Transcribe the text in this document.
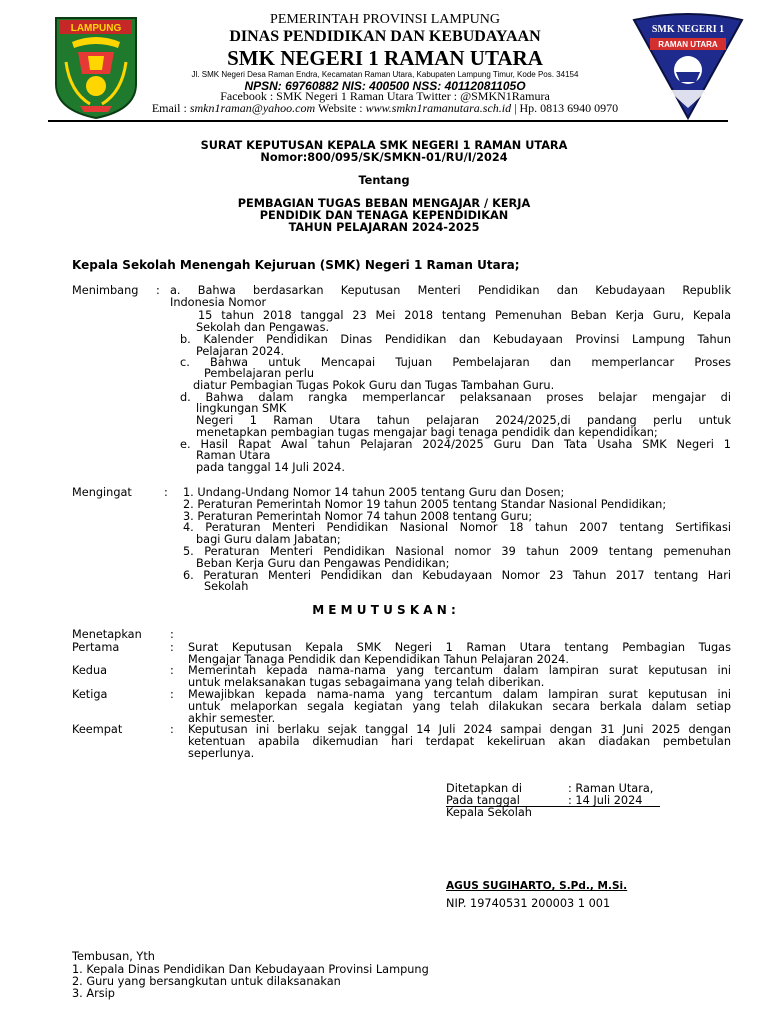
LAMPUNG	SMK NEGERI 1
RAMAN UTARA
PEMERINTAH PROVINSI LAMPUNG
DINAS PENDIDIKAN DAN KEBUDAYAAN
SMK NEGERI 1 RAMAN UTARA
Jl. SMK Negeri Desa Raman Endra, Kecamatan Raman Utara, Kabupaten Lampung Timur, Kode Pos. 34154
NPSN: 69760882 NIS: 400500 NSS: 40112081105O
Facebook : SMK Negeri 1 Raman Utara Twitter : @SMKN1Ramura
Email : smkn1raman@yahoo.com Website : www.smkn1ramanutara.sch.id | Hp. 0813 6940 0970
SURAT KEPUTUSAN KEPALA SMK NEGERI 1 RAMAN UTARA
Nomor:800/095/SK/SMKN-01/RU/I/2024
Tentang
PEMBAGIAN TUGAS BEBAN MENGAJAR / KERJA
PENDIDIK DAN TENAGA KEPENDIDIKAN
TAHUN PELAJARAN 2024-2025
Kepala Sekolah Menengah Kejuruan (SMK) Negeri 1 Raman Utara;
Menimbang : a. Bahwa berdasarkan Keputusan Menteri Pendidikan dan Kebudayaan Republik
Indonesia Nomor
15 tahun 2018 tanggal 23 Mei 2018 tentang Pemenuhan Beban Kerja Guru, Kepala
Sekolah dan Pengawas.
b. Kalender Pendidikan Dinas Pendidikan dan Kebudayaan Provinsi Lampung Tahun
Pelajaran 2024.
c. Bahwa untuk Mencapai Tujuan Pembelajaran dan memperlancar Proses
Pembelajaran perlu
diatur Pembagian Tugas Pokok Guru dan Tugas Tambahan Guru.
d. Bahwa dalam rangka memperlancar pelaksanaan proses belajar mengajar di
lingkungan SMK
Negeri 1 Raman Utara tahun pelajaran 2024/2025,di pandang perlu untuk
menetapkan pembagian tugas mengajar bagi tenaga pendidik dan kependidikan;
e. Hasil Rapat Awal tahun Pelajaran 2024/2025 Guru Dan Tata Usaha SMK Negeri 1
Raman Utara
pada tanggal 14 Juli 2024.
Mengingat	: 1. Undang-Undang Nomor 14 tahun 2005 tentang Guru dan Dosen;
2. Peraturan Pemerintah Nomor 19 tahun 2005 tentang Standar Nasional Pendidikan;
3. Peraturan Pemerintah Nomor 74 tahun 2008 tentang Guru;
4. Peraturan Menteri Pendidikan Nasional Nomor 18 tahun 2007 tentang Sertifikasi
bagi Guru dalam Jabatan;
5. Peraturan Menteri Pendidikan Nasional nomor 39 tahun 2009 tentang pemenuhan
Beban Kerja Guru dan Pengawas Pendidikan;
6. Peraturan Menteri Pendidikan dan Kebudayaan Nomor 23 Tahun 2017 tentang Hari
Sekolah
M E M U T U S K A N :
Menetapkan :
Pertama	: Surat Keputusan Kepala SMK Negeri 1 Raman Utara tentang Pembagian Tugas
Mengajar Tanaga Pendidik dan Kependidikan Tahun Pelajaran 2024.
Kedua	: Memerintah kepada nama-nama yang tercantum dalam lampiran surat keputusan ini
untuk melaksanakan tugas sebagaimana yang telah diberikan.
Ketiga	: Mewajibkan kepada nama-nama yang tercantum dalam lampiran surat keputusan ini
untuk melaporkan segala kegiatan yang telah dilakukan secara berkala dalam setiap
akhir semester.
Keempat	: Keputusan ini berlaku sejak tanggal 14 Juli 2024 sampai dengan 31 Juni 2025 dengan
ketentuan apabila dikemudian hari terdapat kekeliruan akan diadakan pembetulan
seperlunya.
Ditetapkan di	: Raman Utara,
Pada tanggal	: 14 Juli 2024
Kepala Sekolah
AGUS SUGIHARTO, S.Pd., M.Si.
NIP. 19740531 200003 1 001
Tembusan, Yth
1. Kepala Dinas Pendidikan Dan Kebudayaan Provinsi Lampung
2. Guru yang bersangkutan untuk dilaksanakan
3. Arsip
